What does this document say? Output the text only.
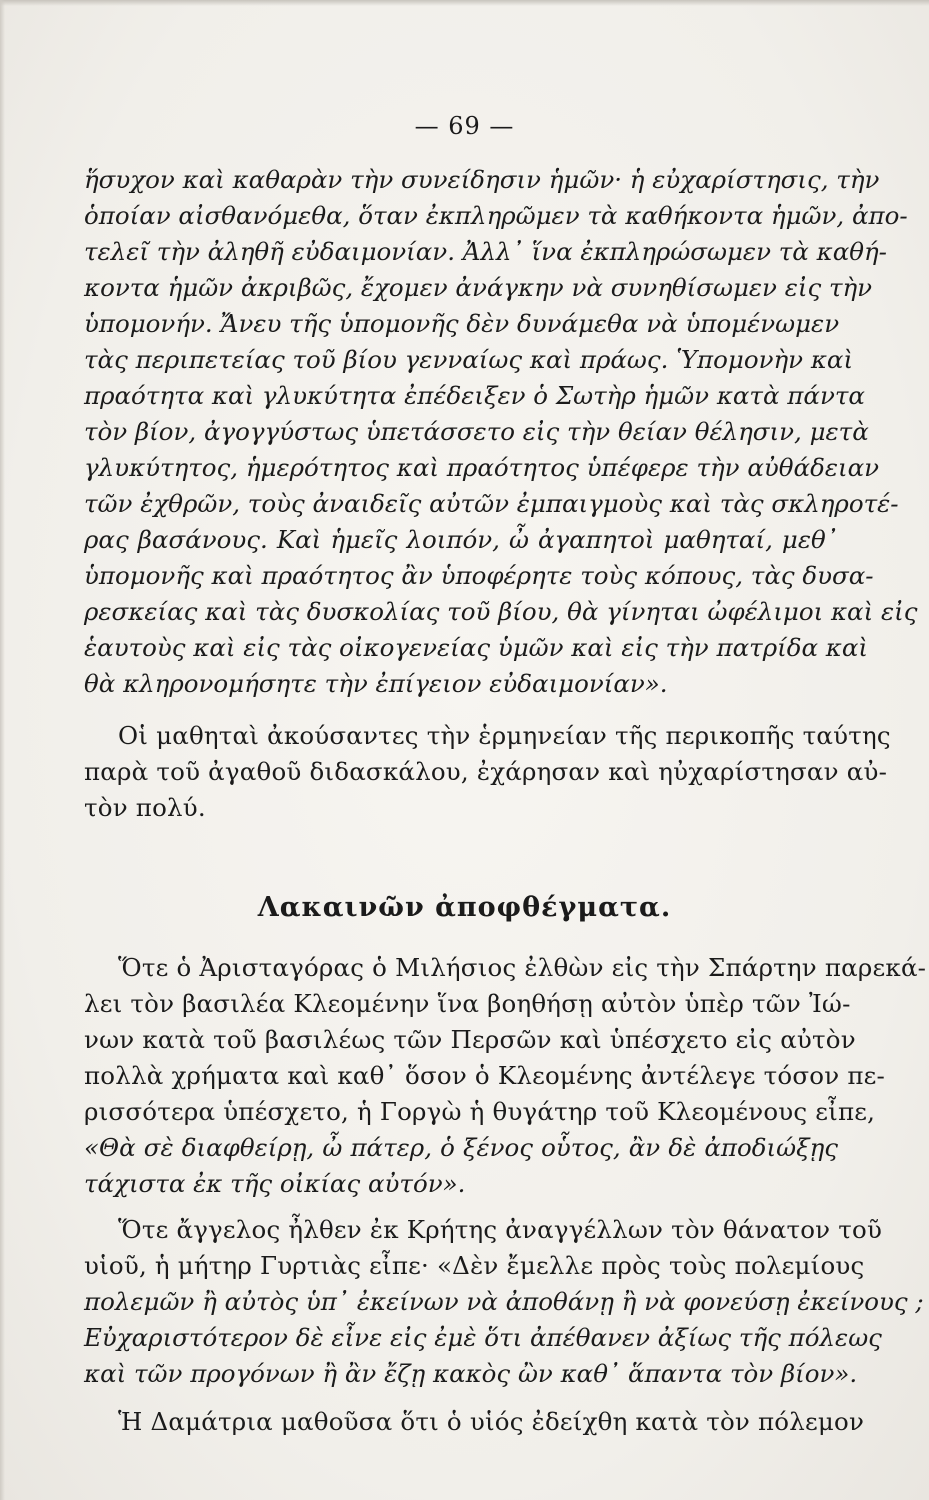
— 69 —
ἥσυχον καὶ καθαρὰν τὴν συνείδησιν ἡμῶν· ἡ εὐχαρίστησις, τὴν
ὁποίαν αἰσθανόμεθα, ὅταν ἐκπληρῶμεν τὰ καθήκοντα ἡμῶν, ἀπο-
τελεῖ τὴν ἀληθῆ εὐδαιμονίαν. Ἀλλ᾽ ἵνα ἐκπληρώσωμεν τὰ καθή-
κοντα ἡμῶν ἀκριβῶς, ἔχομεν ἀνάγκην νὰ συνηθίσωμεν εἰς τὴν
ὑπομονήν. Ἄνευ τῆς ὑπομονῆς δὲν δυνάμεθα νὰ ὑπομένωμεν
τὰς περιπετείας τοῦ βίου γενναίως καὶ πράως. Ὑπομονὴν καὶ
πραότητα καὶ γλυκύτητα ἐπέδειξεν ὁ Σωτὴρ ἡμῶν κατὰ πάντα
τὸν βίον, ἀγογγύστως ὑπετάσσετο εἰς τὴν θείαν θέλησιν, μετὰ
γλυκύτητος, ἡμερότητος καὶ πραότητος ὑπέφερε τὴν αὐθάδειαν
τῶν ἐχθρῶν, τοὺς ἀναιδεῖς αὐτῶν ἐμπαιγμοὺς καὶ τὰς σκληροτέ-
ρας βασάνους. Καὶ ἡμεῖς λοιπόν, ὦ ἀγαπητοὶ μαθηταί, μεθ᾽
ὑπομονῆς καὶ πραότητος ἂν ὑποφέρητε τοὺς κόπους, τὰς δυσα-
ρεσκείας καὶ τὰς δυσκολίας τοῦ βίου, θὰ γίνηται ὠφέλιμοι καὶ εἰς
ἑαυτοὺς καὶ εἰς τὰς οἰκογενείας ὑμῶν καὶ εἰς τὴν πατρίδα καὶ
θὰ κληρονομήσητε τὴν ἐπίγειον εὐδαιμονίαν».
Οἱ μαθηταὶ ἀκούσαντες τὴν ἑρμηνείαν τῆς περικοπῆς ταύτης
παρὰ τοῦ ἀγαθοῦ διδασκάλου, ἐχάρησαν καὶ ηὐχαρίστησαν αὐ-
τὸν πολύ.
Λακαινῶν ἀποφθέγματα.
Ὅτε ὁ Ἀρισταγόρας ὁ Μιλήσιος ἐλθὼν εἰς τὴν Σπάρτην παρεκά-
λει τὸν βασιλέα Κλεομένην ἵνα βοηθήσῃ αὐτὸν ὑπὲρ τῶν Ἰώ-
νων κατὰ τοῦ βασιλέως τῶν Περσῶν καὶ ὑπέσχετο εἰς αὐτὸν
πολλὰ χρήματα καὶ καθ᾽ ὅσον ὁ Κλεομένης ἀντέλεγε τόσον πε-
ρισσότερα ὑπέσχετο, ἡ Γοργὼ ἡ θυγάτηρ τοῦ Κλεομένους εἶπε,
«Θὰ σὲ διαφθείρῃ, ὦ πάτερ, ὁ ξένος οὗτος, ἂν δὲ ἀποδιώξῃς
τάχιστα ἐκ τῆς οἰκίας αὐτόν».
Ὅτε ἄγγελος ἦλθεν ἐκ Κρήτης ἀναγγέλλων τὸν θάνατον τοῦ
υἱοῦ, ἡ μήτηρ Γυρτιὰς εἶπε· «Δὲν ἔμελλε πρὸς τοὺς πολεμίους
πολεμῶν ἢ αὐτὸς ὑπ᾽ ἐκείνων νὰ ἀποθάνῃ ἢ νὰ φονεύσῃ ἐκείνους ;
Εὐχαριστότερον δὲ εἶνε εἰς ἐμὲ ὅτι ἀπέθανεν ἀξίως τῆς πόλεως
καὶ τῶν προγόνων ἢ ἂν ἔζῃ κακὸς ὢν καθ᾽ ἅπαντα τὸν βίον».
Ἡ Δαμάτρια μαθοῦσα ὅτι ὁ υἱός ἐδείχθη κατὰ τὸν πόλεμον
